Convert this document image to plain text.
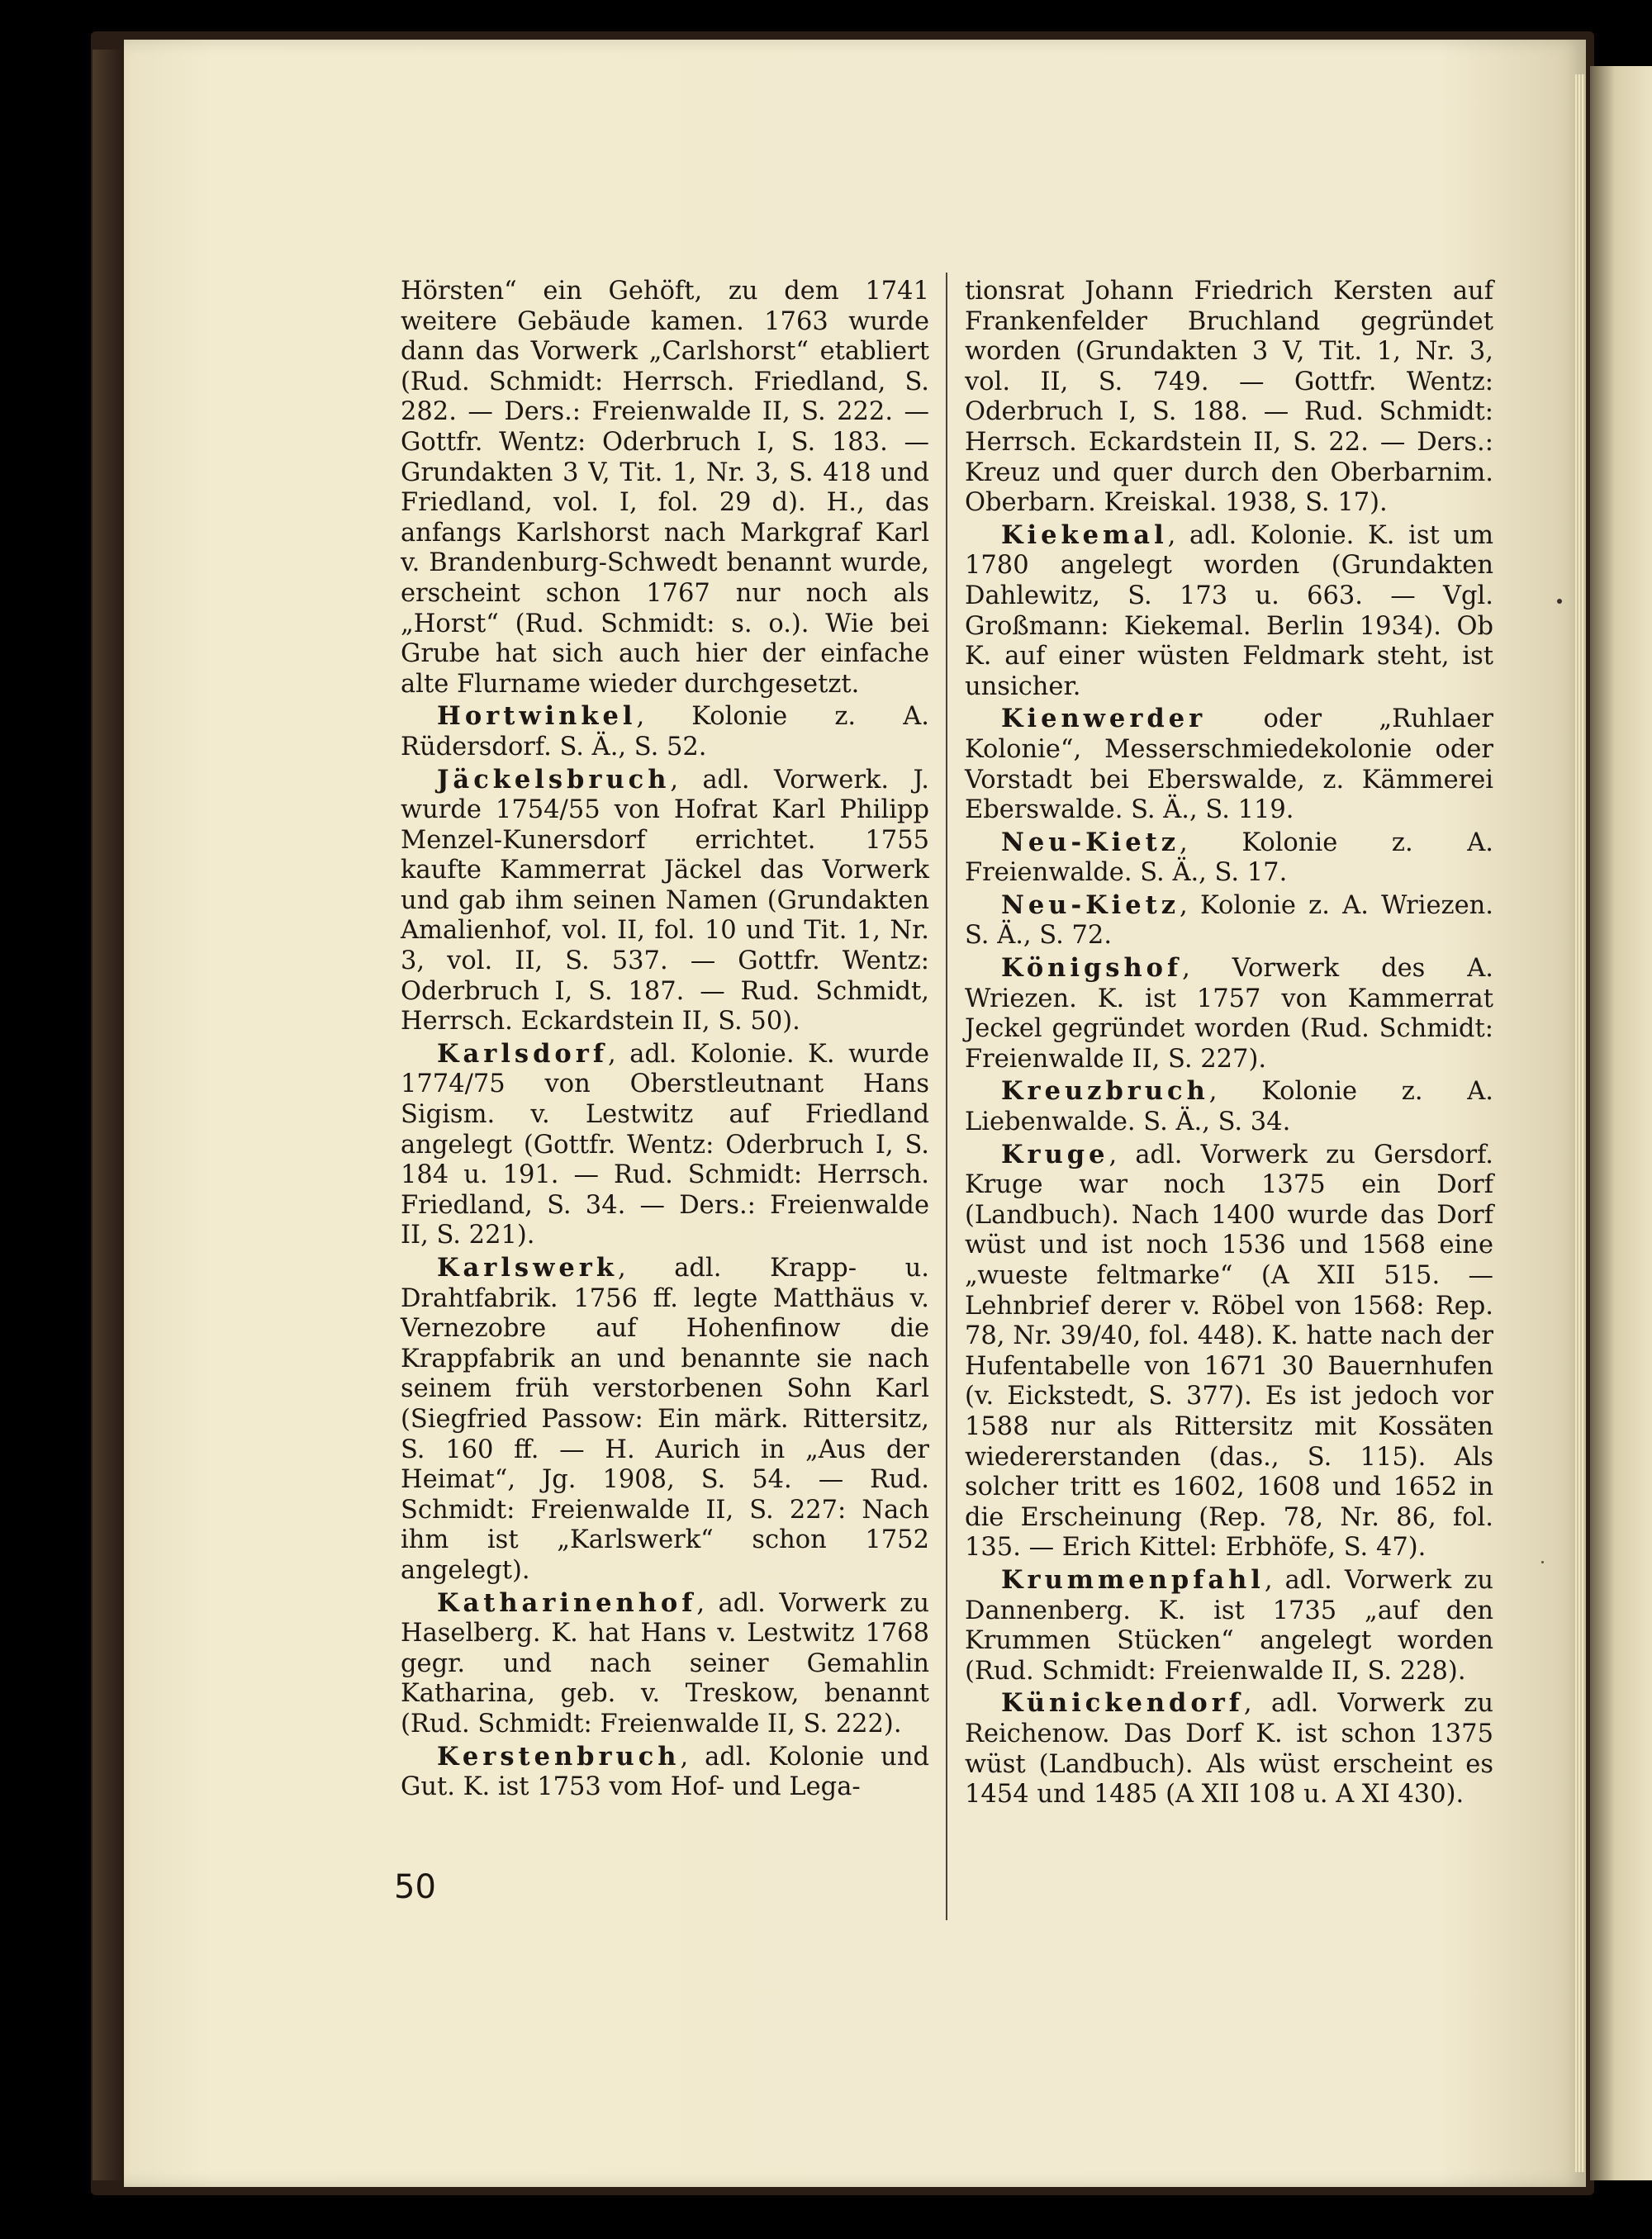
Hörsten“ ein Gehöft, zu dem 1741 weitere Gebäude kamen. 1763 wurde dann das Vorwerk „Carlshorst“ etabliert (Rud. Schmidt: Herrsch. Friedland, S. 282. — Ders.: Freienwalde II, S. 222. — Gottfr. Wentz: Oderbruch I, S. 183. — Grundakten 3 V, Tit. 1, Nr. 3, S. 418 und Friedland, vol. I, fol. 29 d). H., das anfangs Karlshorst nach Markgraf Karl v. Brandenburg-Schwedt benannt wurde, erscheint schon 1767 nur noch als „Horst“ (Rud. Schmidt: s. o.). Wie bei Grube hat sich auch hier der einfache alte Flurname wieder durchgesetzt.

Hortwinkel, Kolonie z. A. Rüdersdorf. S. Ä., S. 52.

Jäckelsbruch, adl. Vorwerk. J. wurde 1754/55 von Hofrat Karl Philipp Menzel-Kunersdorf errichtet. 1755 kaufte Kammerrat Jäckel das Vorwerk und gab ihm seinen Namen (Grundakten Amalienhof, vol. II, fol. 10 und Tit. 1, Nr. 3, vol. II, S. 537. — Gottfr. Wentz: Oderbruch I, S. 187. — Rud. Schmidt, Herrsch. Eckardstein II, S. 50).

Karlsdorf, adl. Kolonie. K. wurde 1774/75 von Oberstleutnant Hans Sigism. v. Lestwitz auf Friedland angelegt (Gottfr. Wentz: Oderbruch I, S. 184 u. 191. — Rud. Schmidt: Herrsch. Friedland, S. 34. — Ders.: Freienwalde II, S. 221).

Karlswerk, adl. Krapp- u. Drahtfabrik. 1756 ff. legte Matthäus v. Vernezobre auf Hohenfinow die Krappfabrik an und benannte sie nach seinem früh verstorbenen Sohn Karl (Siegfried Passow: Ein märk. Rittersitz, S. 160 ff. — H. Aurich in „Aus der Heimat“, Jg. 1908, S. 54. — Rud. Schmidt: Freienwalde II, S. 227: Nach ihm ist „Karlswerk“ schon 1752 angelegt).

Katharinenhof, adl. Vorwerk zu Haselberg. K. hat Hans v. Lestwitz 1768 gegr. und nach seiner Gemahlin Katharina, geb. v. Treskow, benannt (Rud. Schmidt: Freienwalde II, S. 222).

Kerstenbruch, adl. Kolonie und Gut. K. ist 1753 vom Hof- und Lega-

tionsrat Johann Friedrich Kersten auf Frankenfelder Bruchland gegründet worden (Grundakten 3 V, Tit. 1, Nr. 3, vol. II, S. 749. — Gottfr. Wentz: Oderbruch I, S. 188. — Rud. Schmidt: Herrsch. Eckardstein II, S. 22. — Ders.: Kreuz und quer durch den Oberbarnim. Oberbarn. Kreiskal. 1938, S. 17).

Kiekemal, adl. Kolonie. K. ist um 1780 angelegt worden (Grundakten Dahlewitz, S. 173 u. 663. — Vgl. Großmann: Kiekemal. Berlin 1934). Ob K. auf einer wüsten Feldmark steht, ist unsicher.

Kienwerder oder „Ruhlaer Kolonie“, Messerschmiedekolonie oder Vorstadt bei Eberswalde, z. Kämmerei Eberswalde. S. Ä., S. 119.

Neu-Kietz, Kolonie z. A. Freienwalde. S. Ä., S. 17.

Neu-Kietz, Kolonie z. A. Wriezen. S. Ä., S. 72.

Königshof, Vorwerk des A. Wriezen. K. ist 1757 von Kammerrat Jeckel gegründet worden (Rud. Schmidt: Freienwalde II, S. 227).

Kreuzbruch, Kolonie z. A. Liebenwalde. S. Ä., S. 34.

Kruge, adl. Vorwerk zu Gersdorf. Kruge war noch 1375 ein Dorf (Landbuch). Nach 1400 wurde das Dorf wüst und ist noch 1536 und 1568 eine „wueste feltmarke“ (A XII 515. — Lehnbrief derer v. Röbel von 1568: Rep. 78, Nr. 39/40, fol. 448). K. hatte nach der Hufentabelle von 1671 30 Bauernhufen (v. Eickstedt, S. 377). Es ist jedoch vor 1588 nur als Rittersitz mit Kossäten wiedererstanden (das., S. 115). Als solcher tritt es 1602, 1608 und 1652 in die Erscheinung (Rep. 78, Nr. 86, fol. 135. — Erich Kittel: Erbhöfe, S. 47).

Krummenpfahl, adl. Vorwerk zu Dannenberg. K. ist 1735 „auf den Krummen Stücken“ angelegt worden (Rud. Schmidt: Freienwalde II, S. 228).

Künickendorf, adl. Vorwerk zu Reichenow. Das Dorf K. ist schon 1375 wüst (Landbuch). Als wüst erscheint es 1454 und 1485 (A XII 108 u. A XI 430).

50
